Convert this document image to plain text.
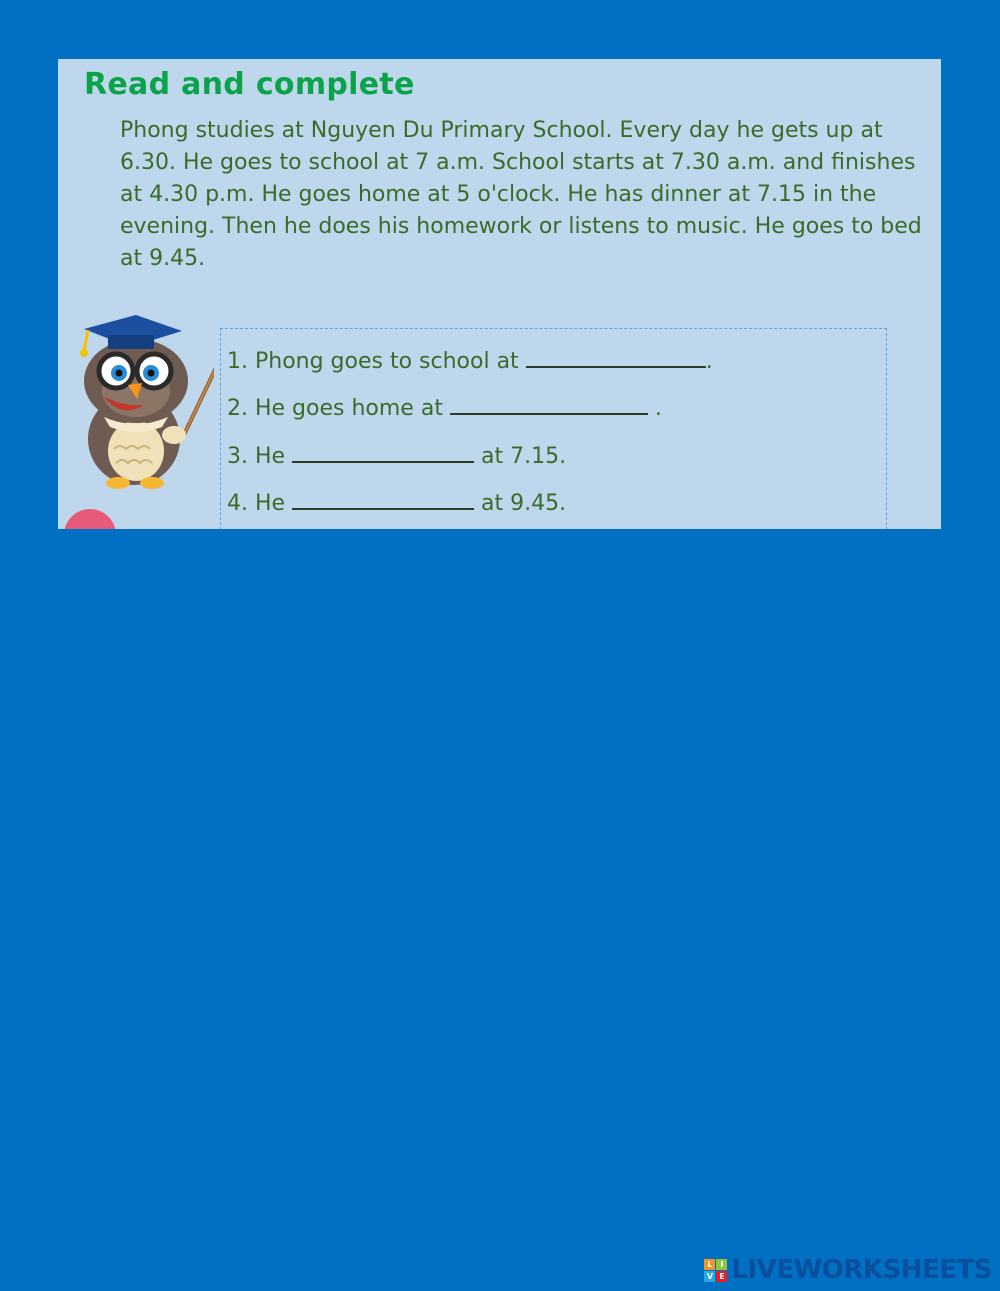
Read and complete

Phong studies at Nguyen Du Primary School. Every day he gets up at 6.30. He goes to school at 7 a.m. School starts at 7.30 a.m. and finishes at 4.30 p.m. He goes home at 5 o'clock. He has dinner at 7.15 in the evening. Then he does his homework or listens to music. He goes to bed at 9.45.

1. Phong goes to school at	.

2. He goes home at	.

3. He	at 7.15.

4. He	at 9.45.

L I
V E LIVEWORKSHEETS
